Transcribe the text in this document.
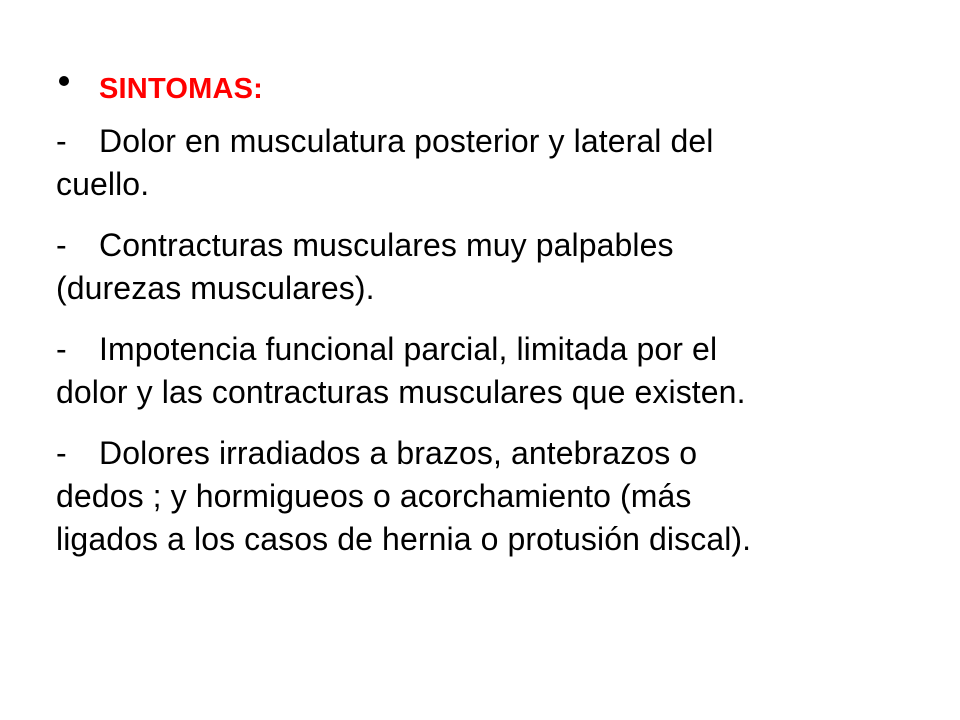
SINTOMAS:

- Dolor en musculatura posterior y lateral del
cuello.

- Contracturas musculares muy palpables
(durezas musculares).

- Impotencia funcional parcial, limitada por el
dolor y las contracturas musculares que existen.

- Dolores irradiados a brazos, antebrazos o
dedos ; y hormigueos o acorchamiento (más
ligados a los casos de hernia o protusión discal).
